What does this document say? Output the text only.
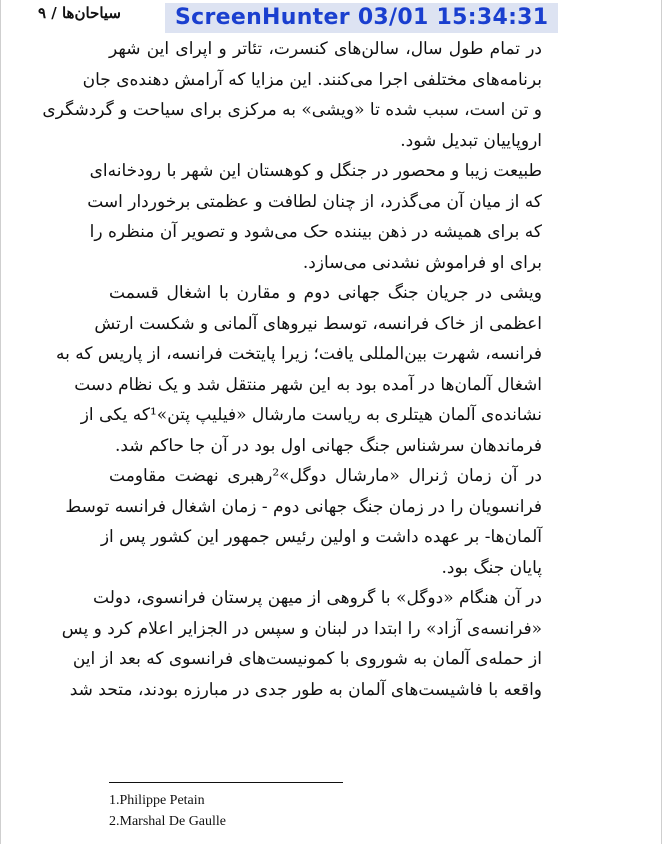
سیاحان‌ها / ۹	ScreenHunter 03/01 15:34:31

در تمام طول سال، سالن‌های کنسرت، تئاتر و اپرای این شهر
برنامه‌های مختلفی اجرا می‌کنند. این مزایا که آرامش دهنده‌ی جان
و تن است، سبب شده تا «ویشی» به مرکزی برای سیاحت و گردشگری
اروپاییان تبدیل شود.

طبیعت زیبا و محصور در جنگل و کوهستان این شهر با رودخانه‌ای
که از میان آن می‌گذرد، از چنان لطافت و عظمتی برخوردار است
که برای همیشه در ذهن بیننده حک می‌شود و تصویر آن منظره را
برای او فراموش نشدنی می‌سازد.

ویشی در جریان جنگ جهانی دوم و مقارن با اشغال قسمت
اعظمی از خاک فرانسه، توسط نیروهای آلمانی و شکست ارتش
فرانسه، شهرت بین‌المللی یافت؛ زیرا پایتخت فرانسه، از پاریس که به
اشغال آلمان‌ها در آمده بود به این شهر منتقل شد و یک نظام دست
نشانده‌ی آلمان هیتلری به ریاست مارشال «فیلیپ پتن»¹که یکی از
فرماندهان سرشناس جنگ جهانی اول بود در آن جا حاکم شد.

در آن زمان ژنرال «مارشال دوگل»²رهبری نهضت مقاومت
فرانسویان را در زمان جنگ جهانی دوم - زمان اشغال فرانسه توسط
آلمان‌ها- بر عهده داشت و اولین رئیس جمهور این کشور پس از
پایان جنگ بود.

در آن هنگام «دوگل» با گروهی از میهن پرستان فرانسوی، دولت
«فرانسه‌ی آزاد» را ابتدا در لبنان و سپس در الجزایر اعلام کرد و پس
از حمله‌ی آلمان به شوروی با کمونیست‌های فرانسوی که بعد از این
واقعه با فاشیست‌های آلمان به طور جدی در مبارزه بودند، متحد شد

1.Philippe Petain
2.Marshal De Gaulle
